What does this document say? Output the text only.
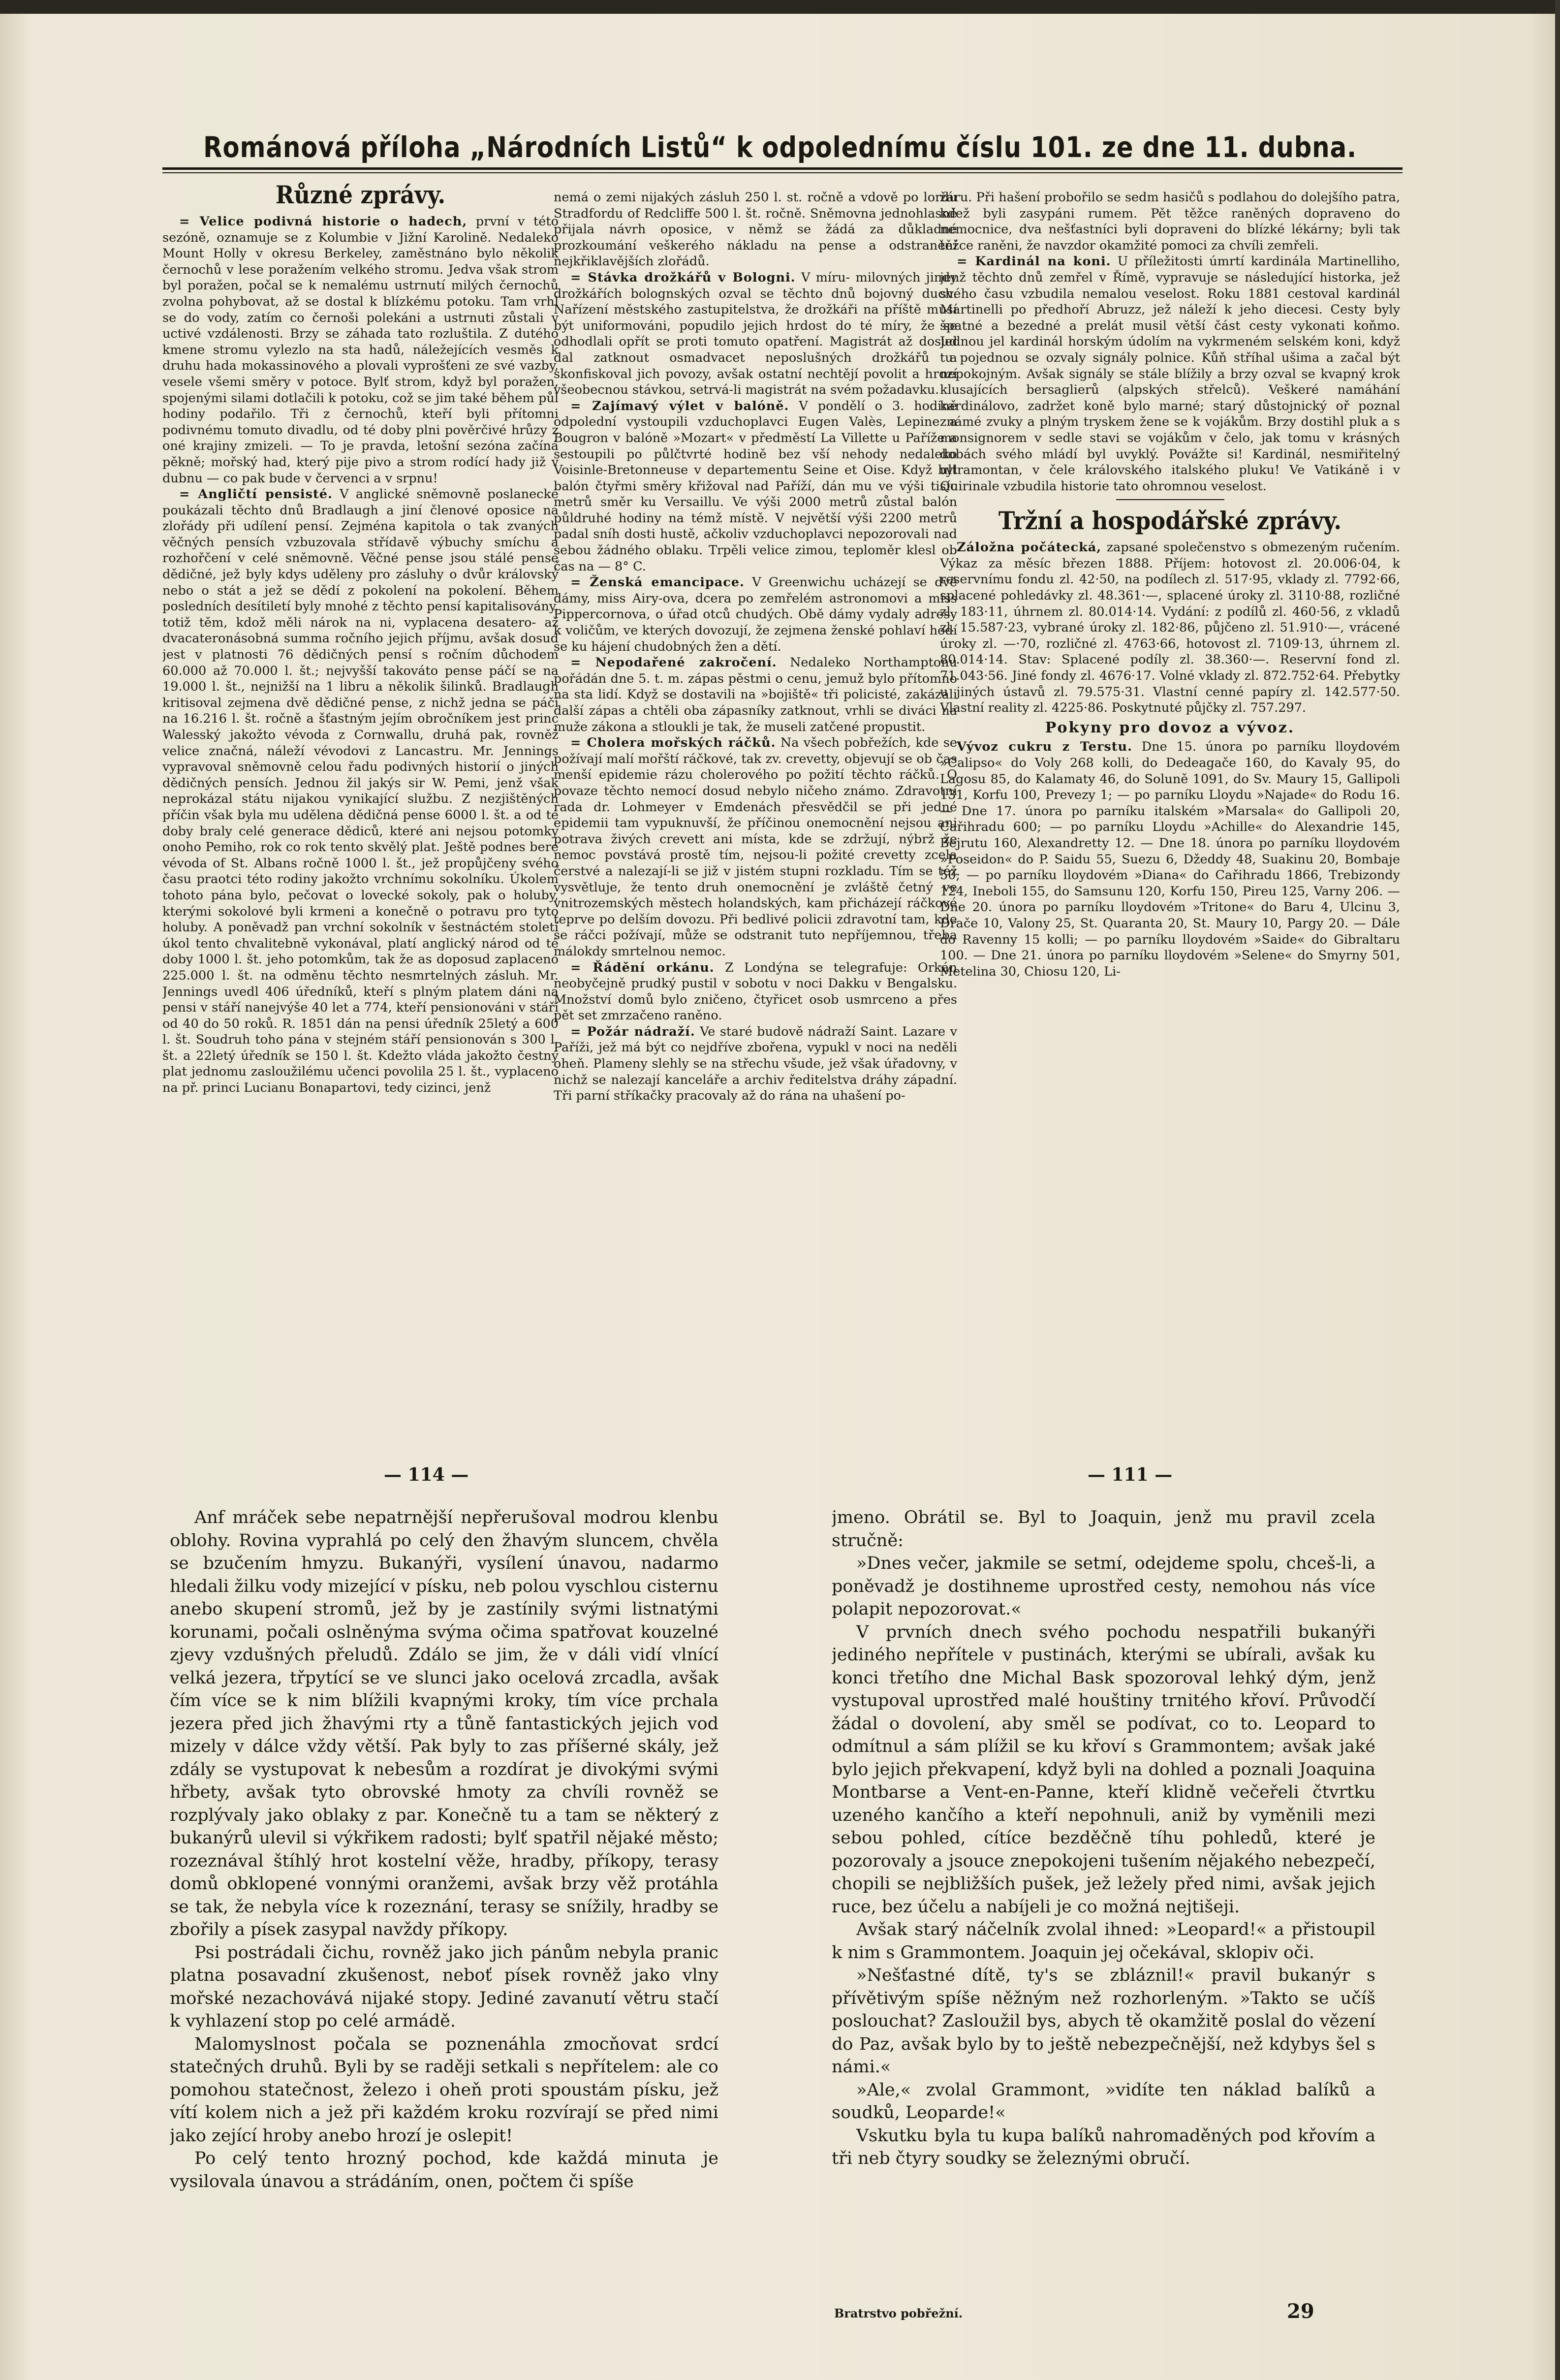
Románová příloha „Národních Listů“ k odpolednímu číslu 101. ze dne 11. dubna.
Různé zprávy.

= Velice podivná historie o hadech, první v této sezóně, oznamuje se z Kolumbie v Jižní Karolině. Nedaleko Mount Holly v okresu Berkeley, zaměstnáno bylo několik černochů v lese poražením velkého stromu. Jedva však strom byl poražen, počal se k nemalému ustrnutí milých černochů zvolna pohybovat, až se dostal k blízkému potoku. Tam vrhl se do vody, zatím co černoši polekáni a ustrnuti zůstali v uctivé vzdálenosti. Brzy se záhada tato rozluštila. Z dutého kmene stromu vylezlo na sta hadů, náležejících vesměs k druhu hada mokassinového a plovali vyprošťeni ze své vazby, vesele všemi směry v potoce. Bylť strom, když byl poražen, spojenými silami dotlačili k potoku, což se jim také během půl hodiny podařilo. Tři z černochů, kteří byli přítomni podivnému tomuto divadlu, od té doby plni pověrčivé hrůzy z oné krajiny zmizeli. — To je pravda, letošní sezóna začíná pěkně; mořský had, který pije pivo a strom rodící hady již v dubnu — co pak bude v červenci a v srpnu!

= Angličtí pensisté. V anglické sněmovně poslanecké poukázali těchto dnů Bradlaugh a jiní členové oposice na zlořády při udílení pensí. Zejména kapitola o tak zvaných věčných pensích vzbuzovala střídavě výbuchy smíchu a rozhořčení v celé sněmovně. Věčné pense jsou stálé pense dědičné, jež byly kdys uděleny pro zásluhy o dvůr královský nebo o stát a jež se dědí z pokolení na pokolení. Během posledních desítiletí byly mnohé z těchto pensí kapitalisovány, totiž těm, kdož měli nárok na ni, vyplacena desatero- až dvacateronásobná summa ročního jejich příjmu, avšak dosud jest v platnosti 76 dědičných pensí s ročním důchodem 60.000 až 70.000 l. št.; nejvyšší takováto pense páčí se na 19.000 l. št., nejnižší na 1 libru a několik šilinků. Bradlaugh kritisoval zejmena dvě dědičné pense, z nichž jedna se páčí na 16.216 l. št. ročně a šťastným jejím obročníkem jest princ Walesský jakožto vévoda z Cornwallu, druhá pak, rovněž velice značná, náleží vévodovi z Lancastru. Mr. Jennings vypravoval sněmovně celou řadu podivných historií o jiných dědičných pensích. Jednou žil jakýs sir W. Pemi, jenž však neprokázal státu nijakou vynikající službu. Z nezjištěných příčin však byla mu udělena dědičná pense 6000 l. št. a od té doby braly celé generace dědiců, které ani nejsou potomky onoho Pemiho, rok co rok tento skvělý plat. Ještě podnes bere vévoda of St. Albans ročně 1000 l. št., jež propůjčeny svého času praotci této rodiny jakožto vrchnímu sokolníku. Úkolem tohoto pána bylo, pečovat o lovecké sokoly, pak o holuby, kterými sokolové byli krmeni a konečně o potravu pro tyto holuby. A poněvadž pan vrchní sokolník v šestnáctém století úkol tento chvalitebně vykonával, platí anglický národ od té doby 1000 l. št. jeho potomkům, tak že as doposud zaplaceno 225.000 l. št. na odměnu těchto nesmrtelných zásluh. Mr. Jennings uvedl 406 úředníků, kteří s plným platem dáni na pensi v stáří nanejvýše 40 let a 774, kteří pensionováni v stáří od 40 do 50 roků. R. 1851 dán na pensi úředník 25letý a 600 l. št. Soudruh toho pána v stejném stáří pensionován s 300 l. št. a 22letý úředník se 150 l. št. Kdežto vláda jakožto čestný plat jednomu zasloužilému učenci povolila 25 l. št., vyplaceno na př. princi Lucianu Bonapartovi, tedy cizinci, jenž

nemá o zemi nijakých zásluh 250 l. st. ročně a vdově po lordu Stradfordu of Redcliffe 500 l. št. ročně. Sněmovna jednohlasně přijala návrh oposice, v němž se žádá za důkladné prozkoumání veškerého nákladu na pense a odstranění nejkřiklavějších zlořádů.

= Stávka drožkářů v Bologni. V míru- milovných jindy drožkářích bolognských ozval se těchto dnů bojovný duch. Nařízení městského zastupitelstva, že drožkáři na příště musí být uniformováni, popudilo jejich hrdost do té míry, že se odhodlali opřít se proti tomuto opatření. Magistrát až dosud dal zatknout osmadvacet neposlušných drožkářů a skonfiskoval jich povozy, avšak ostatní nechtějí povolit a hrozí všeobecnou stávkou, setrvá-li magistrát na svém požadavku.

= Zajímavý výlet v balóně. V pondělí o 3. hodině odpolední vystoupili vzduchoplavci Eugen Valès, Lepine a Bougron v balóně »Mozart« v předměstí La Villette u Paříže a sestoupili po půlčtvrté hodině bez vší nehody nedaleko Voisinle-Bretonneuse v departementu Seine et Oise. Když byl balón čtyřmi směry křižoval nad Paříží, dán mu ve výši tisíc metrů směr ku Versaillu. Ve výši 2000 metrů zůstal balón půldruhé hodiny na témž místě. V největší výši 2200 metrů padal sníh dosti hustě, ačkoliv vzduchoplavci nepozorovali nad sebou žádného oblaku. Trpěli velice zimou, teploměr klesl ob čas na — 8° C.

= Ženská emancipace. V Greenwichu ucházejí se dvě dámy, miss Airy-ova, dcera po zemřelém astronomovi a miss Pippercornova, o úřad otců chudých. Obě dámy vydaly adresy k voličům, ve kterých dovozují, že zejmena ženské pohlaví hodí se ku hájení chudobných žen a dětí.

= Nepodařené zakročení. Nedaleko Northamptonu pořádán dne 5. t. m. zápas pěstmi o cenu, jemuž bylo přítomno na sta lidí. Když se dostavili na »bojiště« tři policisté, zakázali další zápas a chtěli oba zápasníky zatknout, vrhli se diváci na muže zákona a stloukli je tak, že museli zatčené propustit.

= Cholera mořských ráčků. Na všech pobřežích, kde se požívají malí mořští ráčkové, tak zv. crevetty, objevují se ob čas menší epidemie rázu cholerového po požití těchto ráčků. O povaze těchto nemocí dosud nebylo ničeho známo. Zdravotní rada dr. Lohmeyer v Emdenách přesvědčil se při jedné epidemii tam vypuknuvší, že příčinou onemocnění nejsou ani potrava živých crevett ani místa, kde se zdržují, nýbrž že nemoc povstává prostě tím, nejsou-li požité crevetty zcela čerstvé a nalezají-li se již v jistém stupni rozkladu. Tím se též vysvětluje, že tento druh onemocnění je zvláště četný ve vnitrozemských městech holandských, kam přicházejí ráčkové teprve po delším dovozu. Při bedlivé policii zdravotní tam, kde se ráčci požívají, může se odstranit tuto nepříjemnou, třeba málokdy smrtelnou nemoc.

= Řádění orkánu. Z Londýna se telegrafuje: Orkán neobyčejně prudký pustil v sobotu v noci Dakku v Bengalsku. Množství domů bylo zničeno, čtyřicet osob usmrceno a přes pět set zmrzačeno raněno.

= Požár nádraží. Ve staré budově nádraží Saint. Lazare v Paříži, jež má být co nejdříve zbořena, vypukl v noci na neděli oheň. Plameny slehly se na střechu všude, jež však úřadovny, v nichž se nalezají kanceláře a archiv ředitelstva dráhy západní. Tři parní stříkačky pracovaly až do rána na uhašení po-

žáru. Při hašení probořilo se sedm hasičů s podlahou do dolejšího patra, kdež byli zasypáni rumem. Pět těžce raněných dopraveno do nemocnice, dva nešťastníci byli dopraveni do blízké lékárny; byli tak těžce raněni, že navzdor okamžité pomoci za chvíli zemřeli.

= Kardinál na koni. U příležitosti úmrtí kardinála Martinelliho, jenž těchto dnů zemřel v Římě, vypravuje se následující historka, jež svého času vzbudila nemalou veselost. Roku 1881 cestoval kardinál Martinelli po předhoří Abruzz, jež náleží k jeho diecesi. Cesty byly špatné a bezedné a prelát musil větší část cesty vykonati koňmo. Jednou jel kardinál horským údolím na vykrmeném selském koni, když tu pojednou se ozvaly signály polnice. Kůň stříhal ušima a začal být nepokojným. Avšak signály se stále blížily a brzy ozval se kvapný krok klusajících bersaglierů (alpských střelců). Veškeré namáhání kardinálovo, zadržet koně bylo marné; starý důstojnický oř poznal známé zvuky a plným tryskem žene se k vojákům. Brzy dostihl pluk a s monsignorem v sedle stavi se vojákům v čelo, jak tomu v krásných dobách svého mládí byl uvyklý. Povážte si! Kardinál, nesmiřitelný ultramontan, v čele královského italského pluku! Ve Vatikáně i v Quirinale vzbudila historie tato ohromnou veselost.

Tržní a hospodářské zprávy.

Záložna počátecká, zapsané společenstvo s obmezeným ručením. Výkaz za měsíc březen 1888. Příjem: hotovost zl. 20.006·04, k reservnímu fondu zl. 42·50, na podílech zl. 517·95, vklady zl. 7792·66, splacené pohledávky zl. 48.361·—, splacené úroky zl. 3110·88, rozličné zl. 183·11, úhrnem zl. 80.014·14. Vydání: z podílů zl. 460·56, z vkladů zl. 15.587·23, vybrané úroky zl. 182·86, půjčeno zl. 51.910·—, vrácené úroky zl. —·70, rozličné zl. 4763·66, hotovost zl. 7109·13, úhrnem zl. 80.014·14. Stav: Splacené podíly zl. 38.360·—. Reservní fond zl. 71.043·56. Jiné fondy zl. 4676·17. Volné vklady zl. 872.752·64. Přebytky u jiných ústavů zl. 79.575·31. Vlastní cenné papíry zl. 142.577·50. Vlastní reality zl. 4225·86. Poskytnuté půjčky zl. 757.297.

Pokyny pro dovoz a vývoz.

Vývoz cukru z Terstu. Dne 15. února po parníku lloydovém »Calipso« do Voly 268 kolli, do Dedeagače 160, do Kavaly 95, do Lagosu 85, do Kalamaty 46, do Soluně 1091, do Sv. Maury 15, Gallipoli 131, Korfu 100, Prevezy 1; — po parníku Lloydu »Najade« do Rodu 16. — Dne 17. února po parníku italském »Marsala« do Gallipoli 20, Cařihradu 600; — po parníku Lloydu »Achille« do Alexandrie 145, Bejrutu 160, Alexandretty 12. — Dne 18. února po parníku lloydovém »Poseidon« do P. Saidu 55, Suezu 6, Džeddy 48, Suakinu 20, Bombaje 50; — po parníku lloydovém »Diana« do Cařihradu 1866, Trebizondy 124, Ineboli 155, do Samsunu 120, Korfu 150, Pireu 125, Varny 206. — Dne 20. února po parníku lloydovém »Tritone« do Baru 4, Ulcinu 3, Drače 10, Valony 25, St. Quaranta 20, St. Maury 10, Pargy 20. — Dále do Ravenny 15 kolli; — po parníku lloydovém »Saide« do Gibraltaru 100. — Dne 21. února po parníku lloydovém »Selene« do Smyrny 501, Metelina 30, Chiosu 120, Li-

— 114 —	— 111 —

Anf mráček sebe nepatrnější nepřerušoval modrou klenbu oblohy. Rovina vyprahlá po celý den žhavým sluncem, chvěla se bzučením hmyzu. Bukanýři, vysílení únavou, nadarmo hledali žilku vody mizející v písku, neb polou vyschlou cisternu anebo skupení stromů, jež by je zastínily svými listnatými korunami, počali oslněnýma svýma očima spatřovat kouzelné zjevy vzdušných přeludů. Zdálo se jim, že v dáli vidí vlnící velká jezera, třpytící se ve slunci jako ocelová zrcadla, avšak čím více se k nim blížili kvapnými kroky, tím více prchala jezera před jich žhavými rty a tůně fantastických jejich vod mizely v dálce vždy větší. Pak byly to zas příšerné skály, jež zdály se vystupovat k nebesům a rozdírat je divokými svými hřbety, avšak tyto obrovské hmoty za chvíli rovněž se rozplývaly jako oblaky z par. Konečně tu a tam se některý z bukanýrů ulevil si výkřikem radosti; bylť spatřil nějaké město; rozeznával štíhlý hrot kostelní věže, hradby, příkopy, terasy domů obklopené vonnými oranžemi, avšak brzy věž protáhla se tak, že nebyla více k rozeznání, terasy se snížily, hradby se zbořily a písek zasypal navždy příkopy.

Psi postrádali čichu, rovněž jako jich pánům nebyla pranic platna posavadní zkušenost, neboť písek rovněž jako vlny mořské nezachovává nijaké stopy. Jediné zavanutí větru stačí k vyhlazení stop po celé armádě.

Malomyslnost počala se poznenáhla zmocňovat srdcí statečných druhů. Byli by se raději setkali s nepřítelem: ale co pomohou statečnost, železo i oheň proti spoustám písku, jež vítí kolem nich a jež při každém kroku rozvírají se před nimi jako zející hroby anebo hrozí je oslepit!

Po celý tento hrozný pochod, kde každá minuta je vysilovala únavou a strádáním, onen, počtem či spíše

jmeno. Obrátil se. Byl to Joaquin, jenž mu pravil zcela stručně:

»Dnes večer, jakmile se setmí, odejdeme spolu, chceš-li, a poněvadž je dostihneme uprostřed cesty, nemohou nás více polapit nepozorovat.«

V prvních dnech svého pochodu nespatřili bukanýři jediného nepřítele v pustinách, kterými se ubírali, avšak ku konci třetího dne Michal Bask spozoroval lehký dým, jenž vystupoval uprostřed malé houštiny trnitého křoví. Průvodčí žádal o dovolení, aby směl se podívat, co to. Leopard to odmítnul a sám plížil se ku křoví s Grammontem; avšak jaké bylo jejich překvapení, když byli na dohled a poznali Joaquina Montbarse a Vent-en-Panne, kteří klidně večeřeli čtvrtku uzeného kančího a kteří nepohnuli, aniž by vyměnili mezi sebou pohled, cítíce bezděčně tíhu pohledů, které je pozorovaly a jsouce znepokojeni tušením nějakého nebezpečí, chopili se nejbližších pušek, jež ležely před nimi, avšak jejich ruce, bez účelu a nabíjeli je co možná nejtišeji.

Avšak starý náčelník zvolal ihned: »Leopard!« a přistoupil k nim s Grammontem. Joaquin jej očekával, sklopiv oči.

»Nešťastné dítě, ty's se zbláznil!« pravil bukanýr s přívětivým spíše něžným než rozhorleným. »Takto se učíš poslouchat? Zasloužil bys, abych tě okamžitě poslal do vězení do Paz, avšak bylo by to ještě nebezpečnější, než kdybys šel s námi.«

»Ale,« zvolal Grammont, »vidíte ten náklad balíků a soudků, Leoparde!«

Vskutku byla tu kupa balíků nahromaděných pod křovím a tři neb čtyry soudky se železnými obručí.

Bratrstvo pobřežní.	29
